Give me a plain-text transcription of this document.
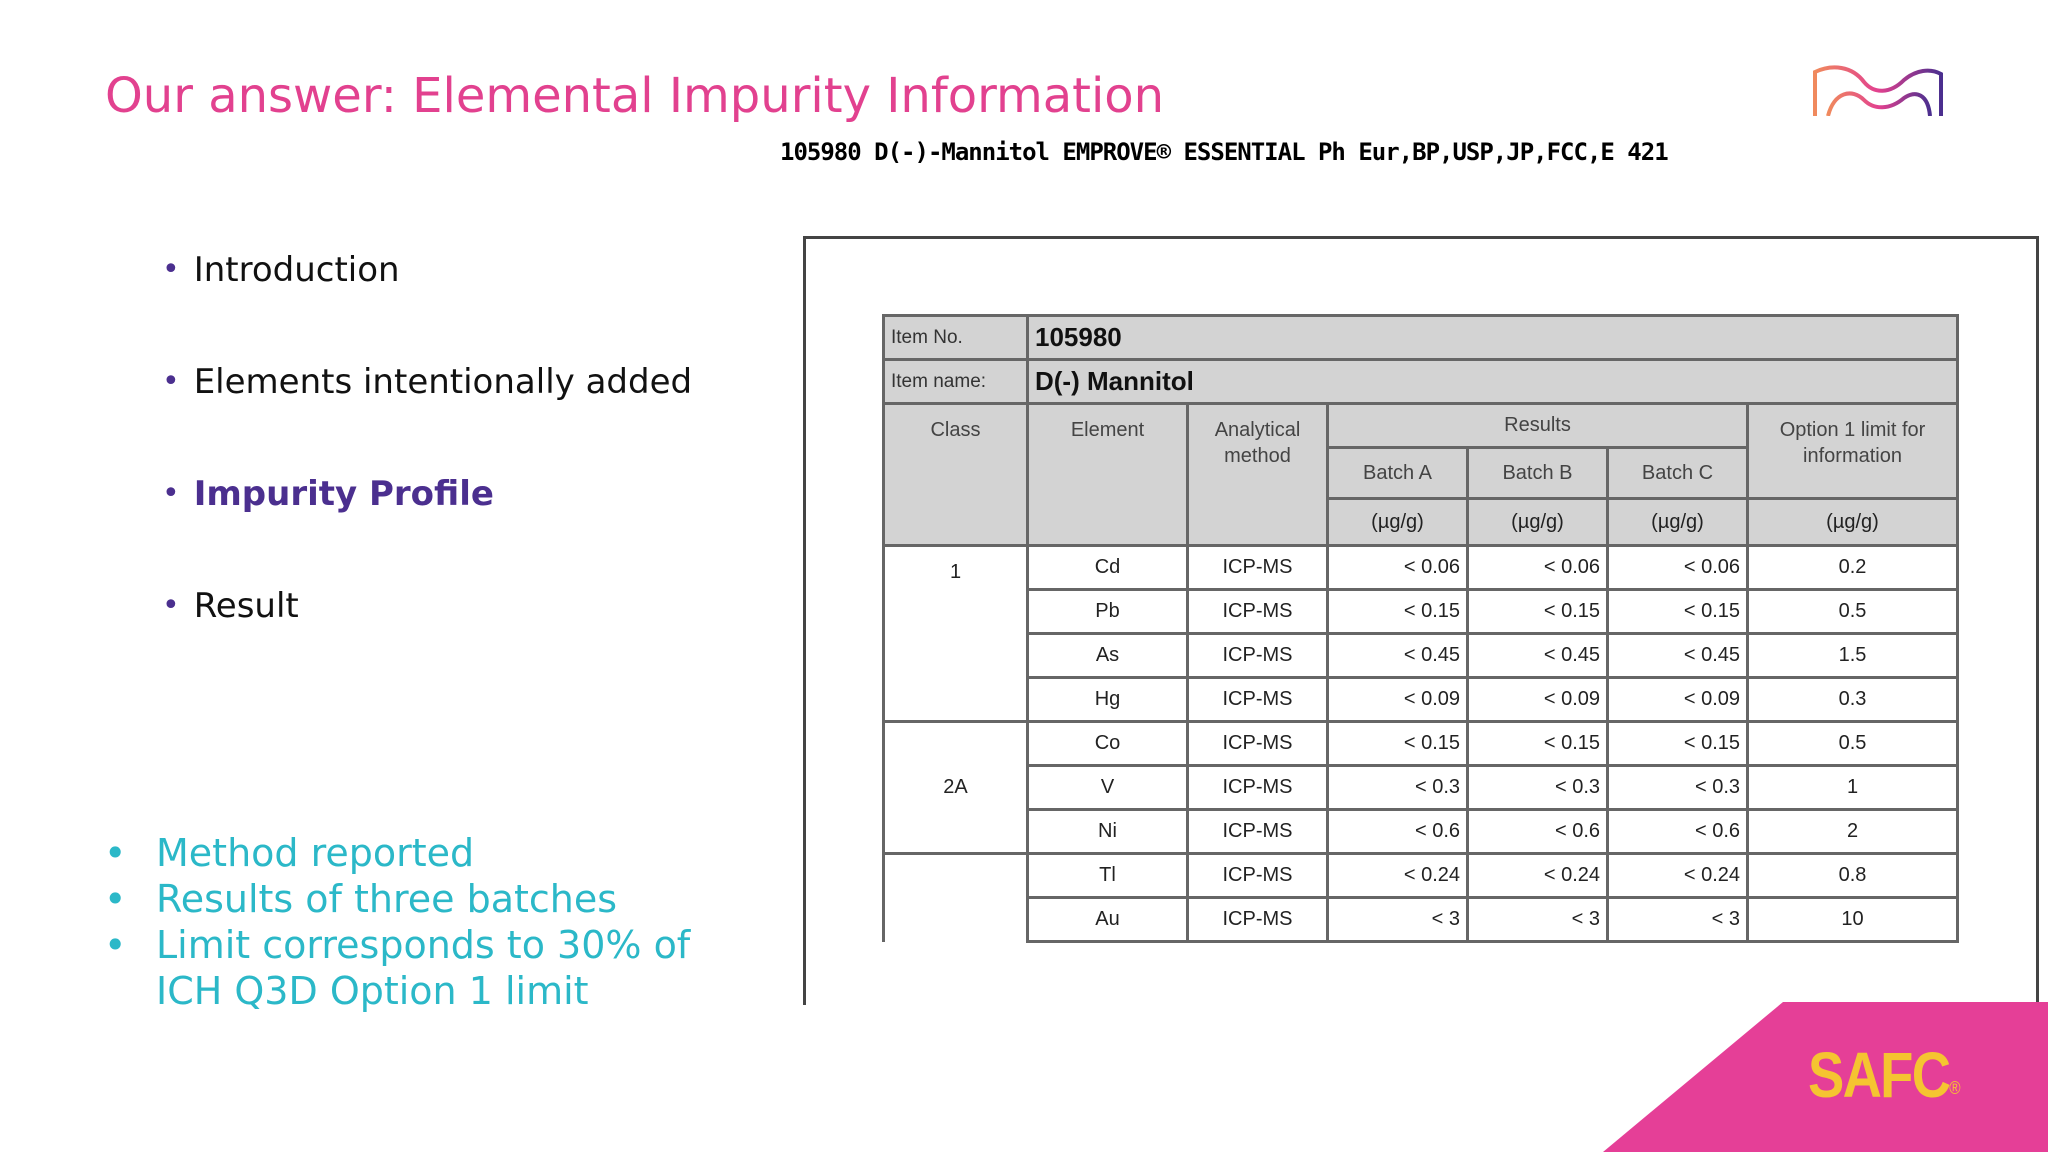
Our answer: Elemental Impurity Information
105980 D(-)-Mannitol EMPROVE® ESSENTIAL Ph Eur,BP,USP,JP,FCC,E 421
• Introduction
• Elements intentionally added
• Impurity Profile
• Result
• Method reported
• Results of three batches
• Limit corresponds to 30% of ICH Q3D Option 1 limit
Item No.	105980					
Item name:	D(-) Mannitol					
Class	Element	Analytical method	Results			Option 1 limit for information
			Batch A	Batch B	Batch C	
			(µg/g)	(µg/g)	(µg/g)	(µg/g)
1	Cd	ICP-MS	< 0.06	< 0.06	< 0.06	0.2
	Pb	ICP-MS	< 0.15	< 0.15	< 0.15	0.5
	As	ICP-MS	< 0.45	< 0.45	< 0.45	1.5
	Hg	ICP-MS	< 0.09	< 0.09	< 0.09	0.3
2A	Co	ICP-MS	< 0.15	< 0.15	< 0.15	0.5
	V	ICP-MS	< 0.3	< 0.3	< 0.3	1
	Ni	ICP-MS	< 0.6	< 0.6	< 0.6	2
	Tl	ICP-MS	< 0.24	< 0.24	< 0.24	0.8
	Au	ICP-MS	< 3	< 3	< 3	10
SAFC®
